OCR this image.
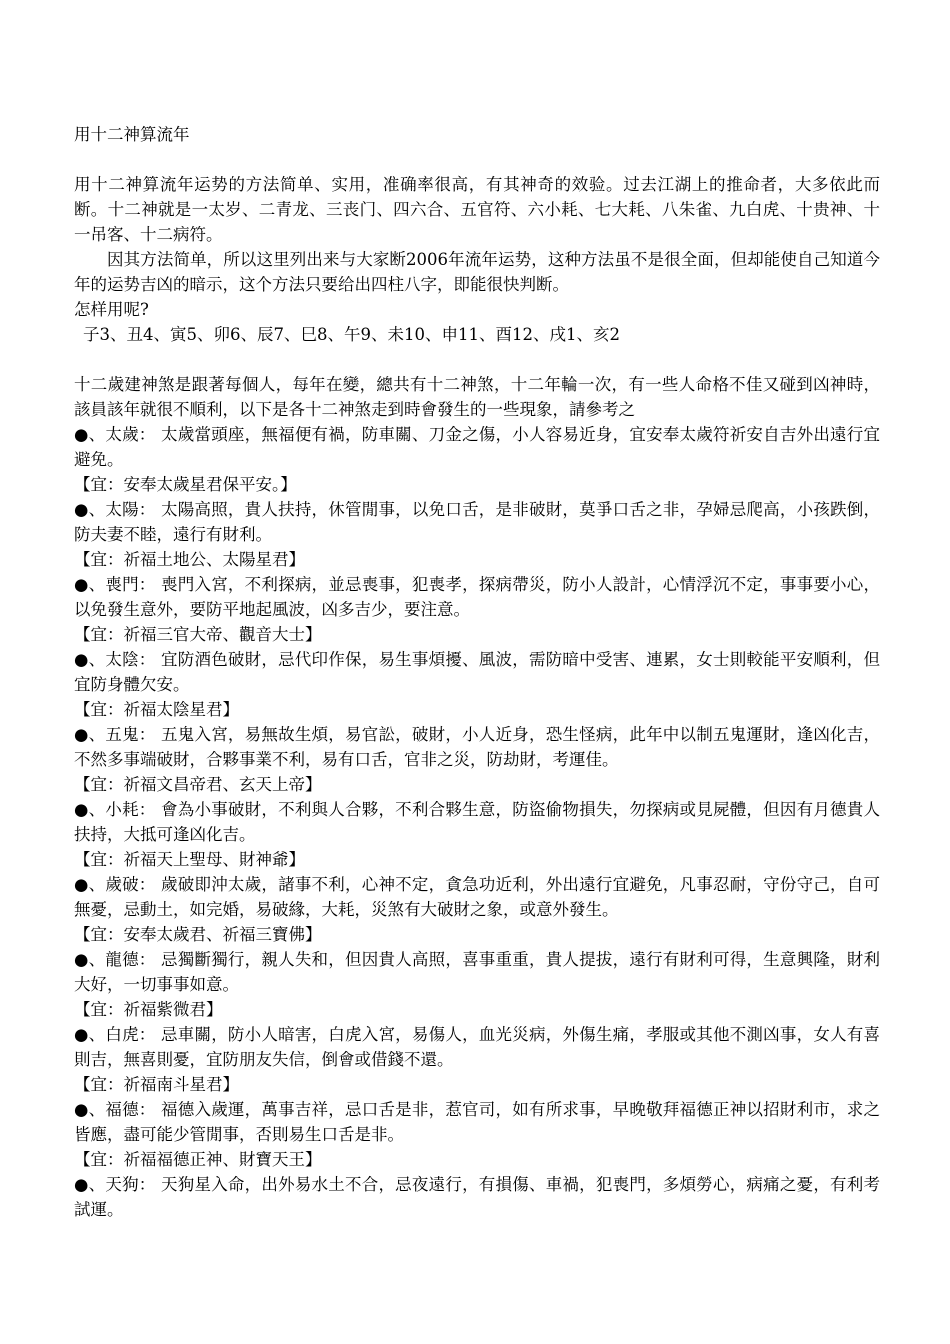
用十二神算流年

用十二神算流年运势的方法简单、实用，准确率很高，有其神奇的效验。过去江湖上的推命者，大多依此而断。十二神就是一太岁、二青龙、三丧门、四六合、五官符、六小耗、七大耗、八朱雀、九白虎、十贵神、十一吊客、十二病符。

因其方法简单，所以这里列出来与大家断2006年流年运势，这种方法虽不是很全面，但却能使自己知道今年的运势吉凶的暗示，这个方法只要给出四柱八字，即能很快判断。

怎样用呢?

子3、丑4、寅5、卯6、辰7、巳8、午9、未10、申11、酉12、戌1、亥2

十二歲建神煞是跟著每個人，每年在變，總共有十二神煞，十二年輪一次，有一些人命格不佳又碰到凶神時，該員該年就很不順利，以下是各十二神煞走到時會發生的一些現象，請參考之

●、太歲： 太歲當頭座，無福便有禍，防車關、刀金之傷，小人容易近身，宜安奉太歲符祈安自吉外出遠行宜避免。

【宜：安奉太歲星君保平安。】

●、太陽： 太陽高照，貴人扶持，休管閒事，以免口舌，是非破財，莫爭口舌之非，孕婦忌爬高，小孩跌倒，防夫妻不睦，遠行有財利。

【宜：祈福土地公、太陽星君】

●、喪門： 喪門入宮，不利探病，並忌喪事，犯喪孝，探病帶災，防小人設計，心情浮沉不定，事事要小心，以免發生意外，要防平地起風波，凶多吉少，要注意。

【宜：祈福三官大帝、觀音大士】

●、太陰： 宜防酒色破財，忌代印作保，易生事煩擾、風波，需防暗中受害、連累，女士則較能平安順利，但宜防身體欠安。

【宜：祈福太陰星君】

●、五鬼： 五鬼入宮，易無故生煩，易官訟，破財，小人近身，恐生怪病，此年中以制五鬼運財，逢凶化吉，不然多事端破財，合夥事業不利，易有口舌，官非之災，防劫財，考運佳。

【宜：祈福文昌帝君、玄天上帝】

●、小耗： 會為小事破財，不利與人合夥，不利合夥生意，防盜偷物損失，勿探病或見屍體，但因有月德貴人扶持，大抵可逢凶化吉。

【宜：祈福天上聖母、財神爺】

●、歲破： 歲破即沖太歲，諸事不利，心神不定，貪急功近利，外出遠行宜避免，凡事忍耐，守份守己，自可無憂，忌動土，如完婚，易破緣，大耗，災煞有大破財之象，或意外發生。

【宜：安奉太歲君、祈福三寶佛】

●、龍德： 忌獨斷獨行，親人失和，但因貴人高照，喜事重重，貴人提拔，遠行有財利可得，生意興隆，財利大好，一切事事如意。

【宜：祈福紫微君】

●、白虎： 忌車關，防小人暗害，白虎入宮，易傷人，血光災病，外傷生痛，孝服或其他不測凶事，女人有喜則吉，無喜則憂，宜防朋友失信，倒會或借錢不還。

【宜：祈福南斗星君】

●、福德： 福德入歲運，萬事吉祥，忌口舌是非，惹官司，如有所求事，早晚敬拜福德正神以招財利市，求之皆應，盡可能少管閒事，否則易生口舌是非。

【宜：祈福福德正神、財寶天王】

●、天狗： 天狗星入命，出外易水土不合，忌夜遠行，有損傷、車禍，犯喪門，多煩勞心，病痛之憂，有利考試運。
